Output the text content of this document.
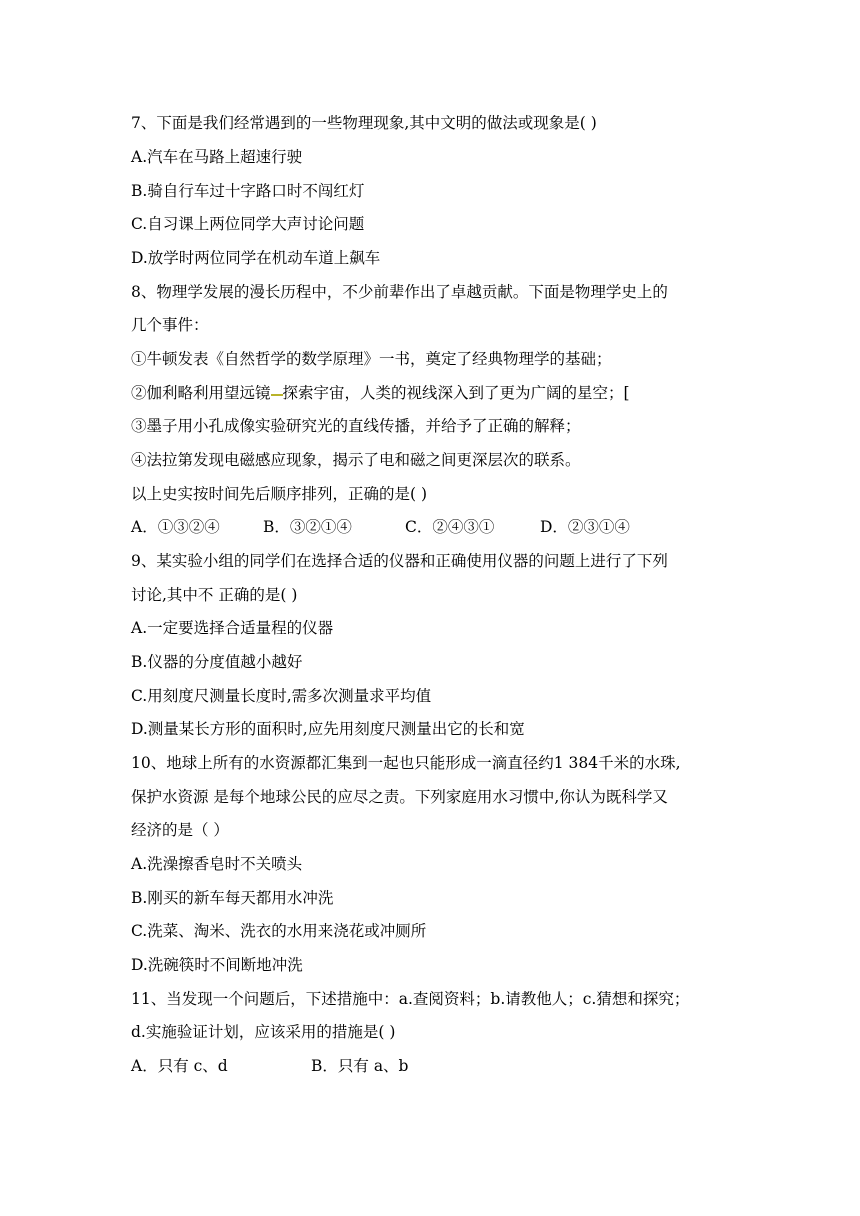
7、下面是我们经常遇到的一些物理现象,其中文明的做法或现象是( )
A.汽车在马路上超速行驶
B.骑自行车过十字路口时不闯红灯
C.自习课上两位同学大声讨论问题
D.放学时两位同学在机动车道上飙车
8、物理学发展的漫长历程中，不少前辈作出了卓越贡献。下面是物理学史上的
几个事件：
①牛顿发表《自然哲学的数学原理》一书，奠定了经典物理学的基础；
②伽利略利用望远镜 探索宇宙，人类的视线深入到了更为广阔的星空；[
③墨子用小孔成像实验研究光的直线传播，并给予了正确的解释；
④法拉第发现电磁感应现象，揭示了电和磁之间更深层次的联系。
以上史实按时间先后顺序排列，正确的是( )
A．①③②④	B．③②①④	C．②④③①	D．②③①④
9、某实验小组的同学们在选择合适的仪器和正确使用仪器的问题上进行了下列
讨论,其中不 正确的是( )
A.一定要选择合适量程的仪器
B.仪器的分度值越小越好
C.用刻度尺测量长度时,需多次测量求平均值
D.测量某长方形的面积时,应先用刻度尺测量出它的长和宽
10、地球上所有的水资源都汇集到一起也只能形成一滴直径约1 384千米的水珠,
保护水资源 是每个地球公民的应尽之责。下列家庭用水习惯中,你认为既科学又
经济的是（ ）
A.洗澡擦香皂时不关喷头
B.刚买的新车每天都用水冲洗
C.洗菜、淘米、洗衣的水用来浇花或冲厕所
D.洗碗筷时不间断地冲洗
11、当发现一个问题后，下述措施中：a.查阅资料；b.请教他人；c.猜想和探究；
d.实施验证计划，应该采用的措施是( )
A．只有 c、d	B．只有 a、b
